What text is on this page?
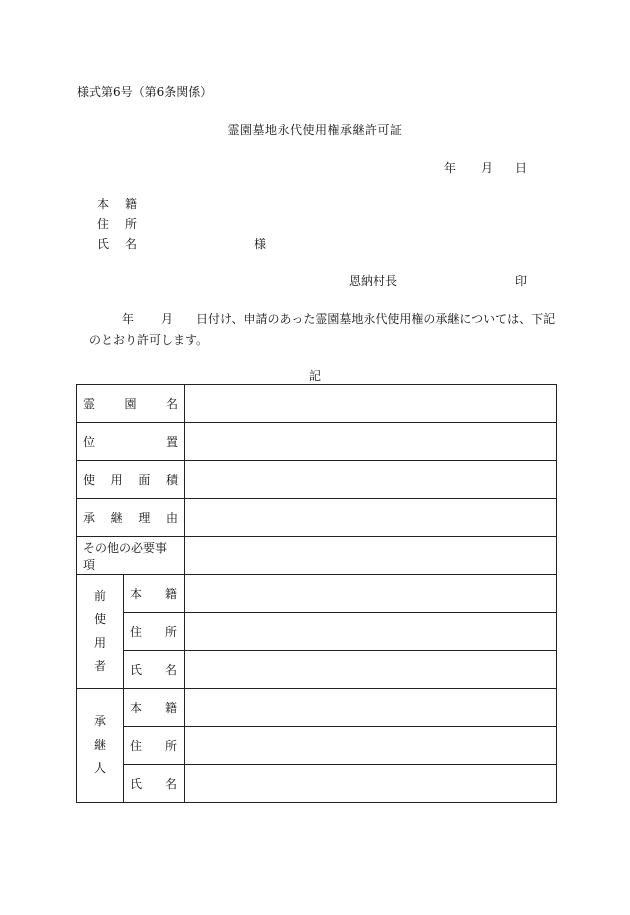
様式第6号（第6条関係）
霊園墓地永代使用権承継許可証
年 月 日
本 籍
住 所
氏 名	様
恩納村長	印
年 月 日付け、申請のあった霊園墓地永代使用権の承継については、下記
のとおり許可します。
記
霊 園 名		

位 置		

使 用 面 積		

承 継 理 由		

その他の必要事項		

前
使
用
者	本 籍	

	住 所	

	氏 名	

承
継
人	本 籍	

	住 所	

	氏 名	
